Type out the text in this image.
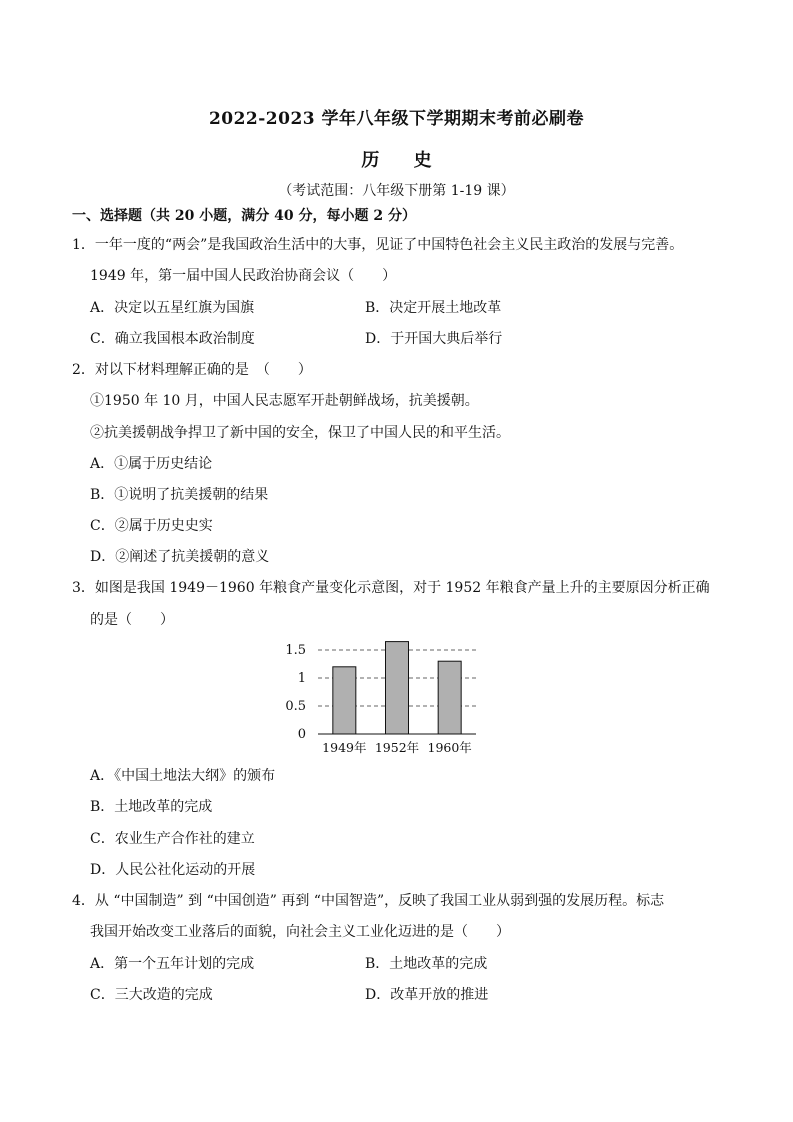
2022-2023 学年八年级下学期期末考前必刷卷
历 史
（考试范围：八年级下册第 1-19 课）
一、选择题（共 20 小题，满分 40 分，每小题 2 分）
1．一年一度的“两会”是我国政治生活中的大事，见证了中国特色社会主义民主政治的发展与完善。
1949 年，第一届中国人民政治协商会议（　　）
A．决定以五星红旗为国旗	B．决定开展土地改革
C．确立我国根本政治制度	D．于开国大典后举行
2．对以下材料理解正确的是　（　　）
①1950 年 10 月，中国人民志愿军开赴朝鲜战场，抗美援朝。
②抗美援朝战争捍卫了新中国的安全，保卫了中国人民的和平生活。
A．①属于历史结论
B．①说明了抗美援朝的结果
C．②属于历史史实
D．②阐述了抗美援朝的意义
3．如图是我国 1949－1960 年粮食产量变化示意图，对于 1952 年粮食产量上升的主要原因分析正确
的是（　　）
0
0.5
1
1.5
1949年 1952年 1960年
A．《中国土地法大纲》的颁布
B．土地改革的完成
C．农业生产合作社的建立
D．人民公社化运动的开展
4．从 “中国制造” 到 “中国创造” 再到 “中国智造”，反映了我国工业从弱到强的发展历程。标志
我国开始改变工业落后的面貌，向社会主义工业化迈进的是（　　）
A．第一个五年计划的完成	B．土地改革的完成
C．三大改造的完成	D．改革开放的推进
